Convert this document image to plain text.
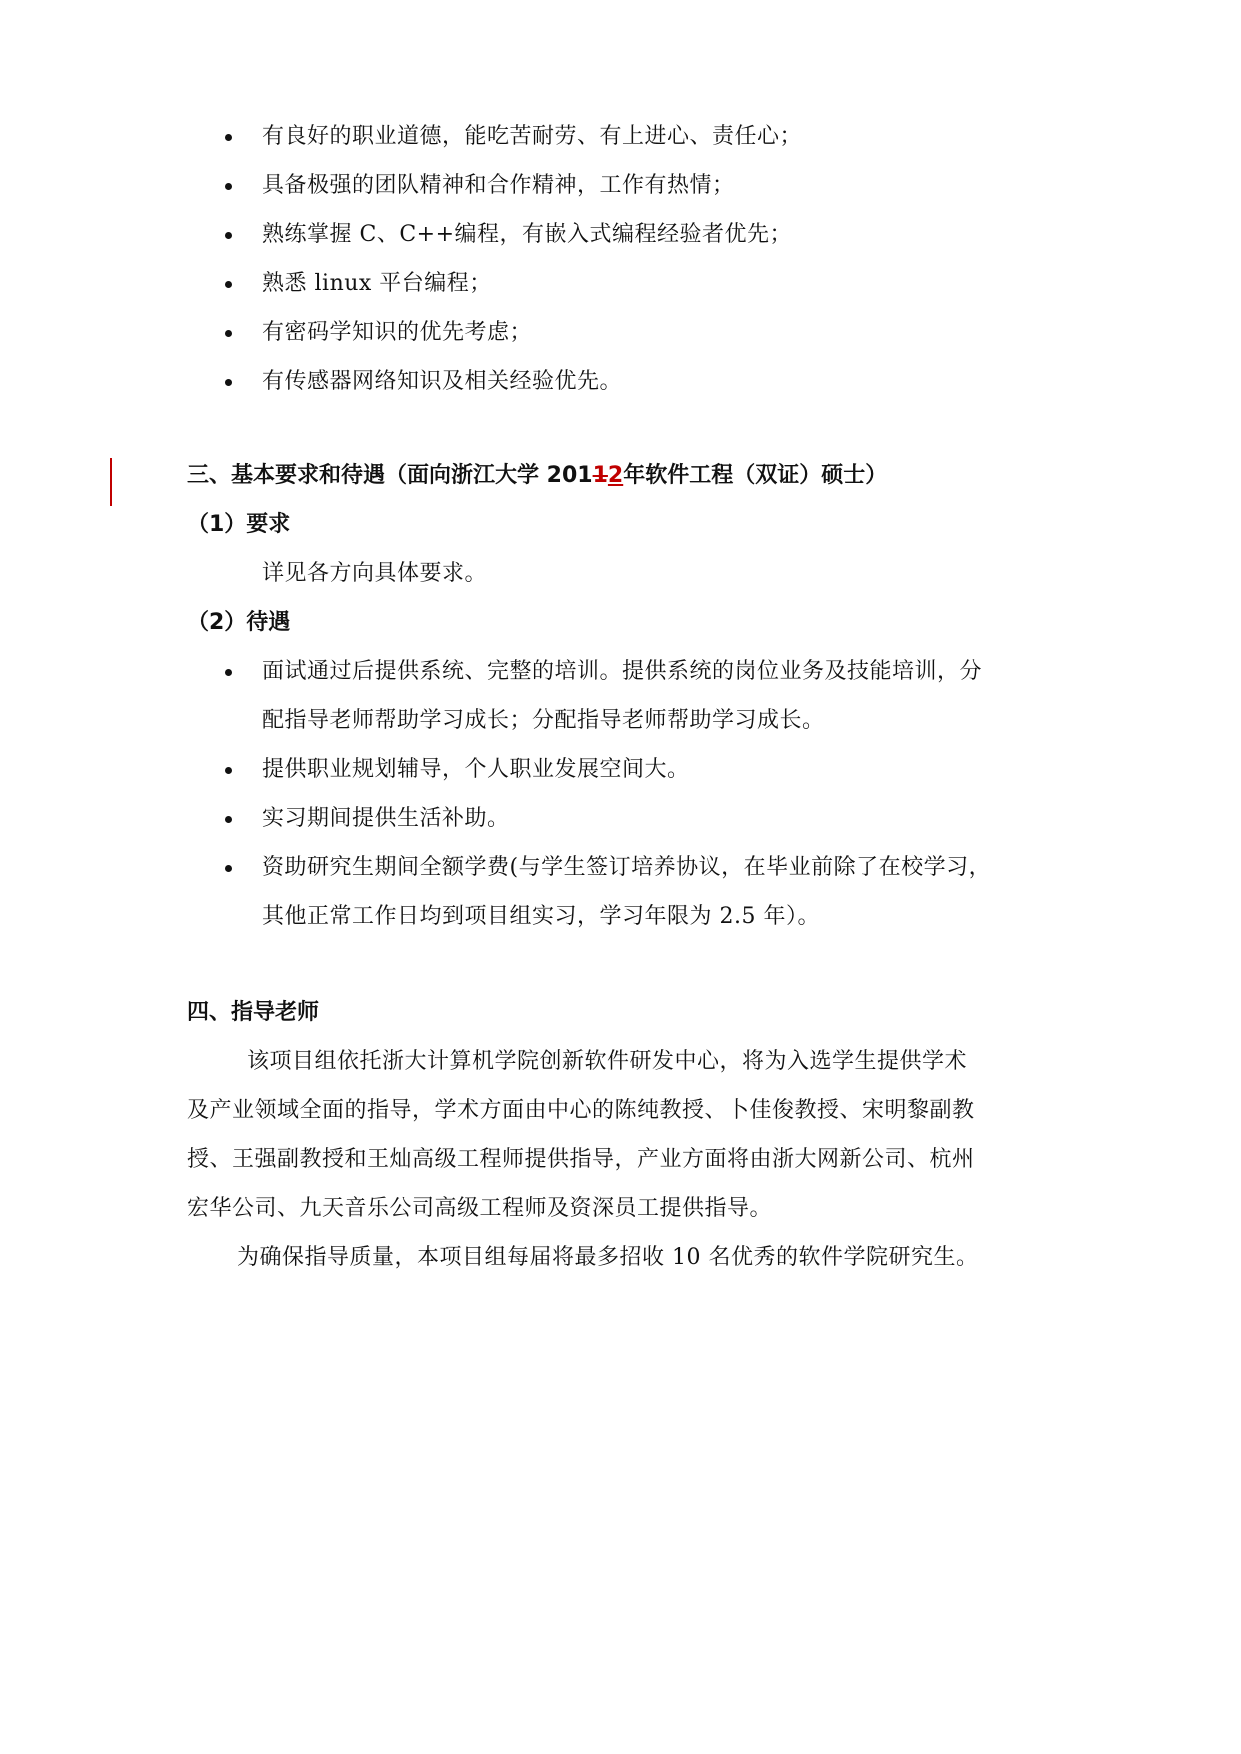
有良好的职业道德，能吃苦耐劳、有上进心、责任心；
具备极强的团队精神和合作精神，工作有热情；
熟练掌握 C、C++编程，有嵌入式编程经验者优先；
熟悉 linux 平台编程；
有密码学知识的优先考虑；
有传感器网络知识及相关经验优先。
三、基本要求和待遇（面向浙江大学 20112年软件工程（双证）硕士）
（1）要求
详见各方向具体要求。
（2）待遇
面试通过后提供系统、完整的培训。提供系统的岗位业务及技能培训，分
配指导老师帮助学习成长；分配指导老师帮助学习成长。
提供职业规划辅导，个人职业发展空间大。
实习期间提供生活补助。
资助研究生期间全额学费(与学生签订培养协议，在毕业前除了在校学习，
其他正常工作日均到项目组实习，学习年限为 2.5 年）。
四、指导老师
该项目组依托浙大计算机学院创新软件研发中心，将为入选学生提供学术
及产业领域全面的指导，学术方面由中心的陈纯教授、卜佳俊教授、宋明黎副教
授、王强副教授和王灿高级工程师提供指导，产业方面将由浙大网新公司、杭州
宏华公司、九天音乐公司高级工程师及资深员工提供指导。
为确保指导质量，本项目组每届将最多招收 10 名优秀的软件学院研究生。
